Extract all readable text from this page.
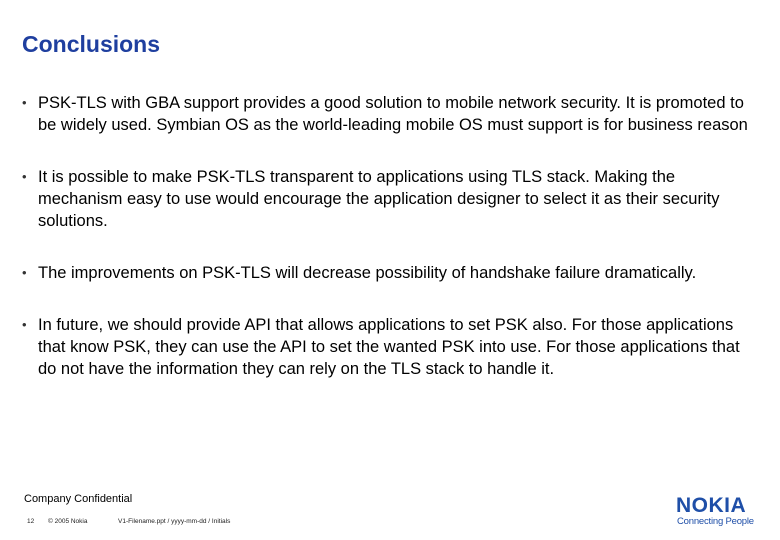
Conclusions
• PSK-TLS with GBA support provides a good solution to mobile network security. It is promoted to be widely used. Symbian OS as the world-leading mobile OS must support is for business reason
• It is possible to make PSK-TLS transparent to applications using TLS stack. Making the mechanism easy to use would encourage the application designer to select it as their security solutions.
• The improvements on PSK-TLS will decrease possibility of handshake failure dramatically.
• In future, we should provide API that allows applications to set PSK also. For those applications that know PSK, they can use the API to set the wanted PSK into use. For those applications that do not have the information they can rely on the TLS stack to handle it.
Company Confidential
12 © 2005 Nokia	V1-Filename.ppt / yyyy-mm-dd / Initials
NOKIA
Connecting People
